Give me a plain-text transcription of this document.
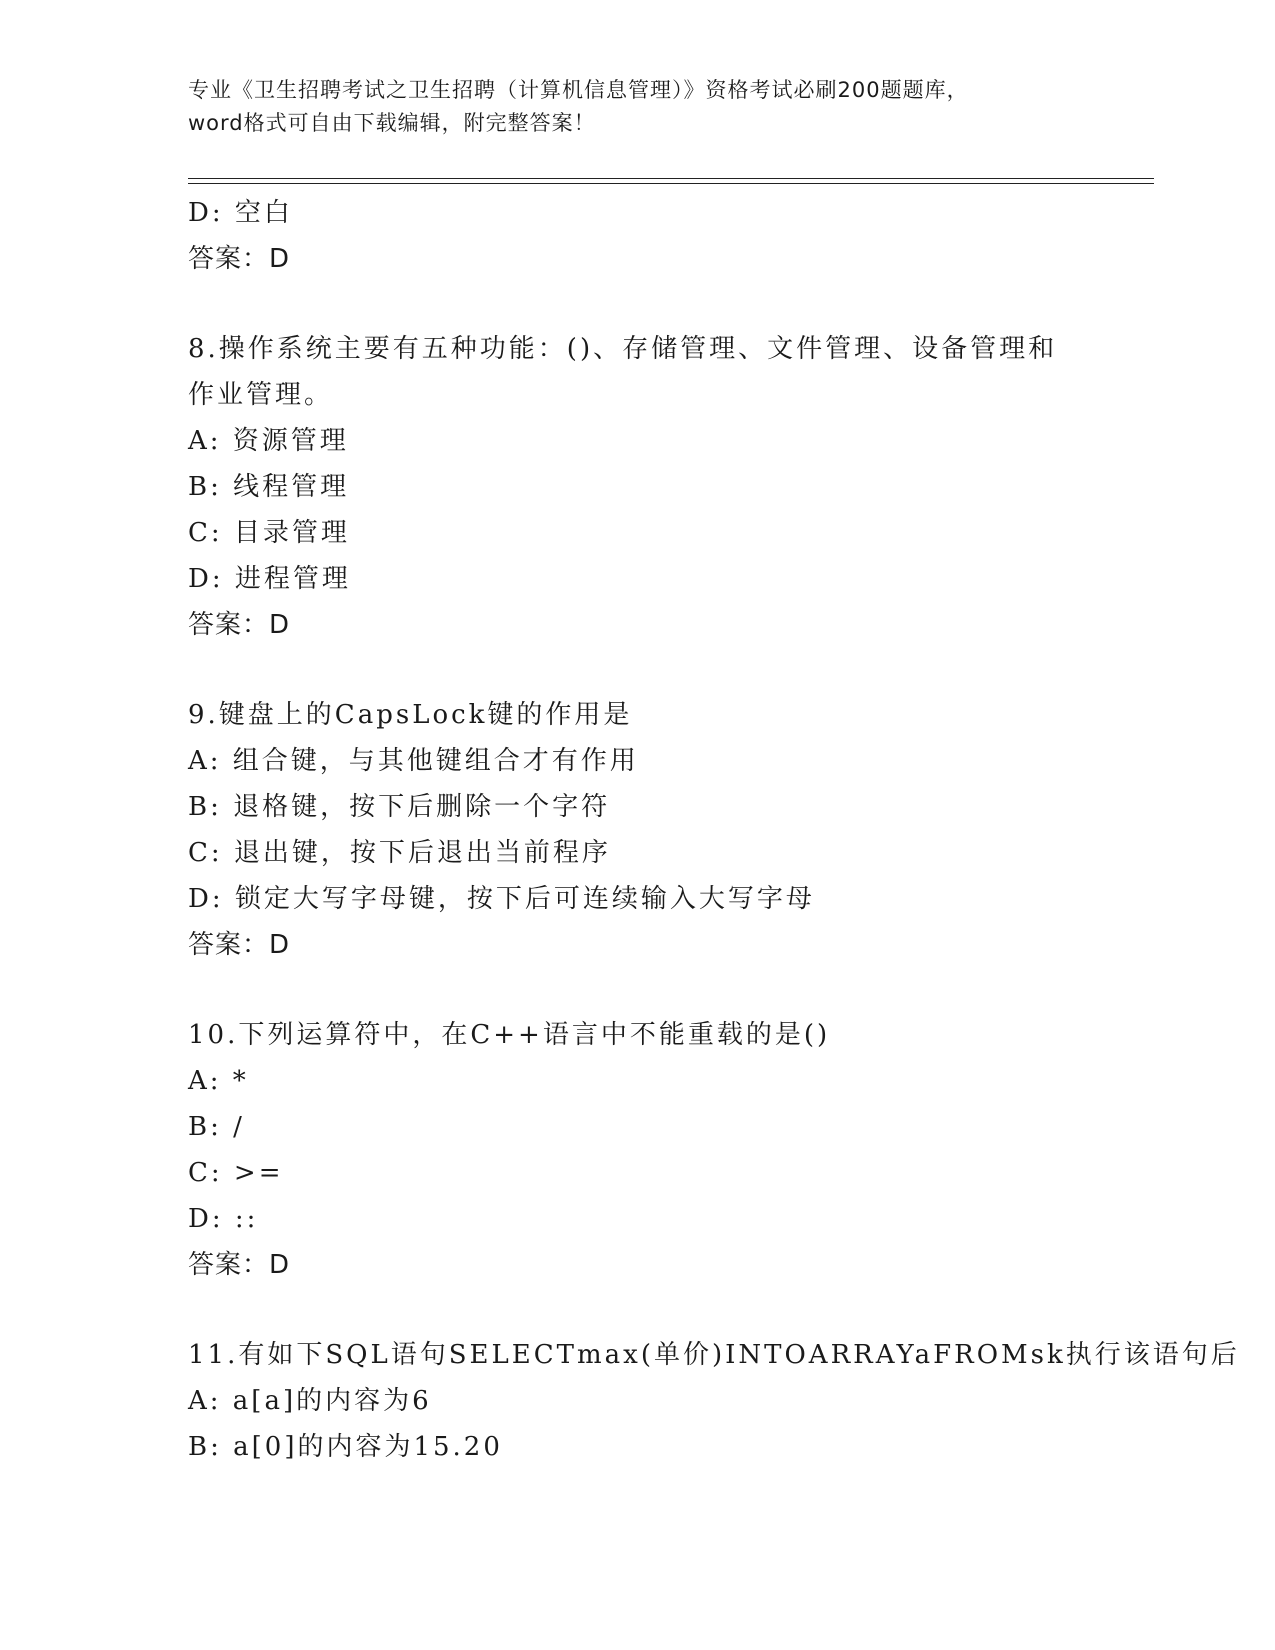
专业《卫生招聘考试之卫生招聘（计算机信息管理）》资格考试必刷200题题库，
word格式可自由下载编辑，附完整答案！
D: 空白
答案：D
8.操作系统主要有五种功能：()、存储管理、文件管理、设备管理和
作业管理。
A: 资源管理
B: 线程管理
C: 目录管理
D: 进程管理
答案：D
9.键盘上的CapsLock键的作用是
A: 组合键，与其他键组合才有作用
B: 退格键，按下后删除一个字符
C: 退出键，按下后退出当前程序
D: 锁定大写字母键，按下后可连续输入大写字母
答案：D
10.下列运算符中，在C++语言中不能重载的是()
A: *
B: /
C: >=
D: ::
答案：D
11.有如下SQL语句SELECTmax(单价)INTOARRAYaFROMsk执行该语句后
A: a[a]的内容为6
B: a[0]的内容为15.20
